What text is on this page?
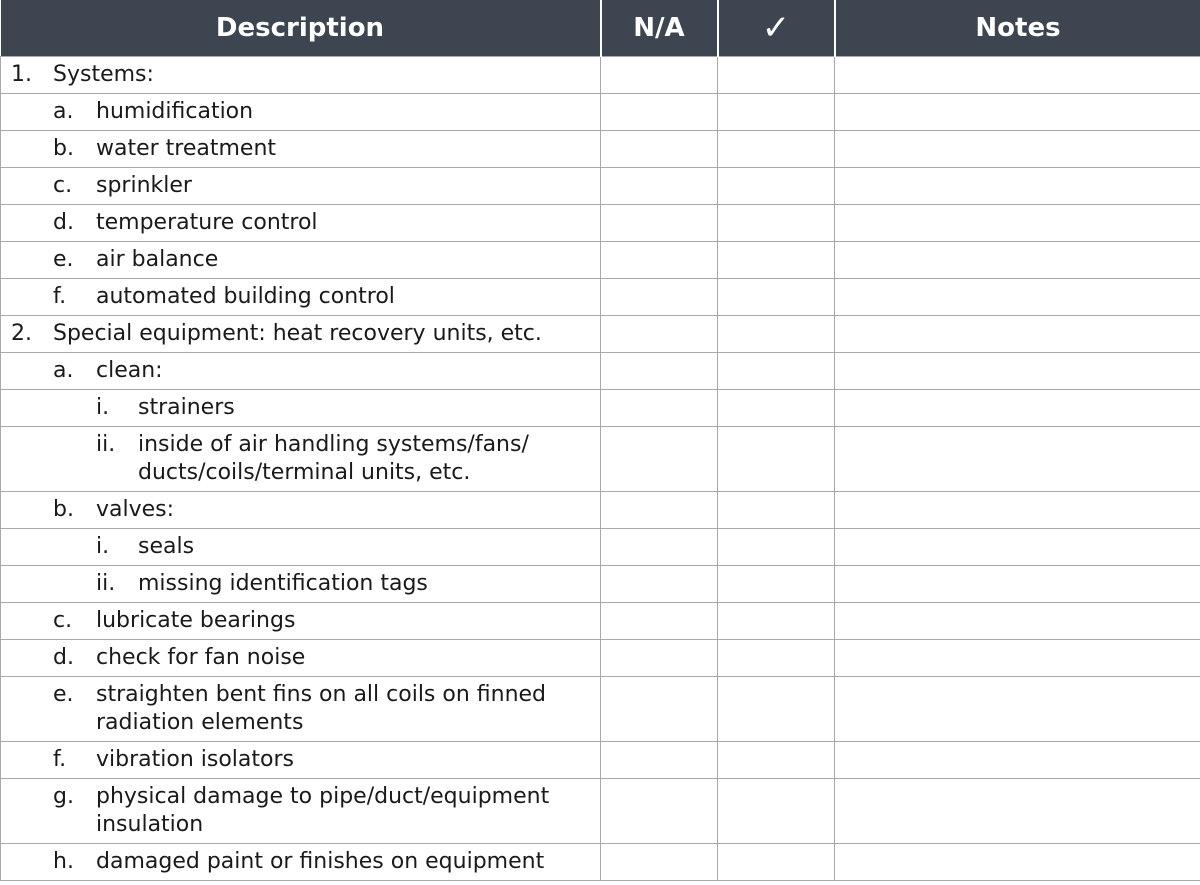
Description	N/A	✓	Notes

1. Systems:			

a. humidification			

b. water treatment			

c. sprinkler			

d. temperature control			

e. air balance			

f. automated building control			

2. Special equipment: heat recovery units, etc.			

a. clean:			

i. strainers			

ii. inside of air handling systems/fans/ ducts/coils/terminal units, etc.			

b. valves:			

i. seals			

ii. missing identification tags			

c. lubricate bearings			

d. check for fan noise			

e. straighten bent fins on all coils on finned radiation elements			

f. vibration isolators			

g. physical damage to pipe/duct/equipment insulation			

h. damaged paint or finishes on equipment			
